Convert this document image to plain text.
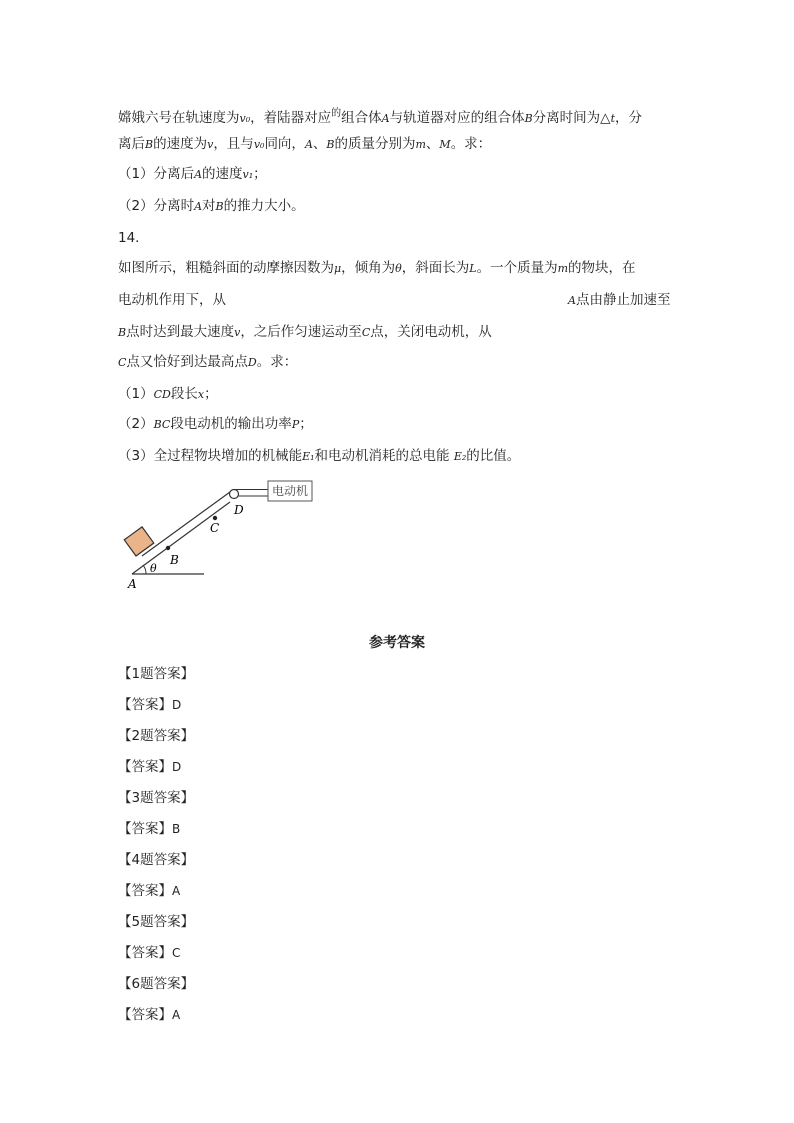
嫦娥六号在轨速度为v₀，着陆器对应$^的$组合体A与轨道器对应的组合体B分离时间为△t，分
离后B的速度为v，且与v₀同向，A、B的质量分别为m、M。求：
（1）分离后A的速度v₁；
（2）分离时A对B的推力大小。
14.
如图所示，粗糙斜面的动摩擦因数为μ，倾角为θ，斜面长为L。一个质量为m的物块，在
电动机作用下，从	A点由静止加速至
B点时达到最大速度v，之后作匀速运动至C点，关闭电动机，从
C点又恰好到达最高点D。求：
（1）CD段长x；
（2）BC段电动机的输出功率P；
（3）全过程物块增加的机械能E₁和电动机消耗的总电能 E₂的比值。
电动机
A
θ
B
C
D
参考答案
【1题答案】
【答案】D
【2题答案】
【答案】D
【3题答案】
【答案】B
【4题答案】
【答案】A
【5题答案】
【答案】C
【6题答案】
【答案】A
